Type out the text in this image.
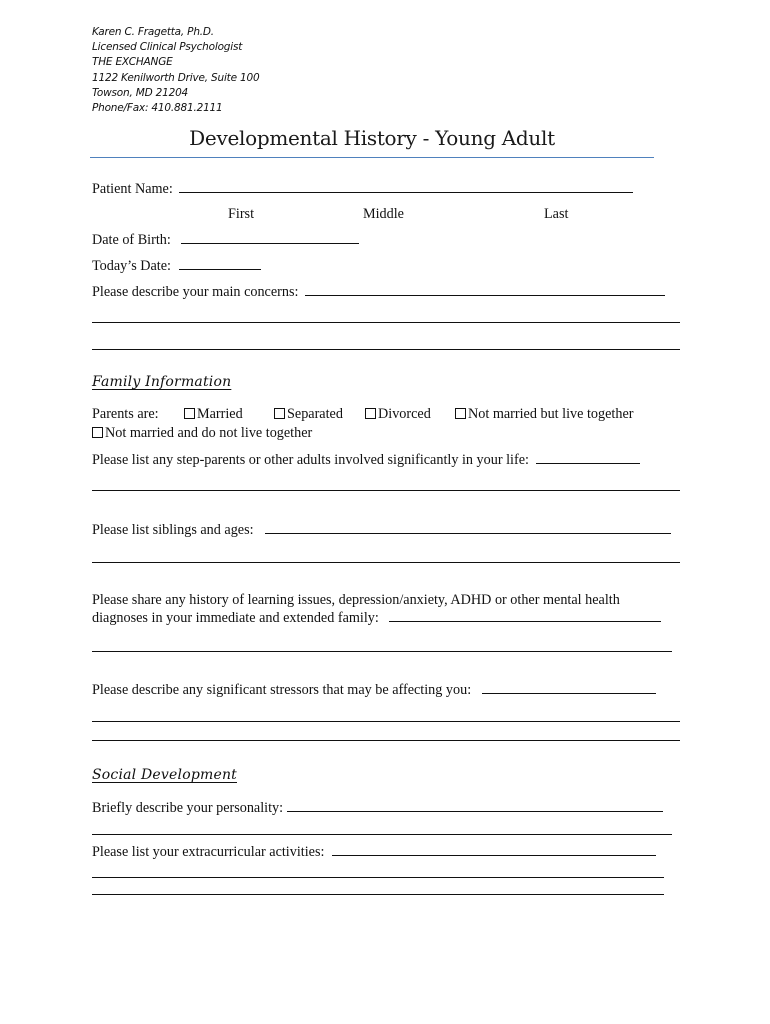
Karen C. Fragetta, Ph.D.
Licensed Clinical Psychologist
THE EXCHANGE
1122 Kenilworth Drive, Suite 100
Towson, MD 21204
Phone/Fax: 410.881.2111
Developmental History - Young Adult
Patient Name:
First	Middle	Last
Date of Birth:
Today’s Date:
Please describe your main concerns:
Family Information
Parents are:	Married	Separated	Divorced	Not married but live together
Not married and do not live together
Please list any step-parents or other adults involved significantly in your life:
Please list siblings and ages:
Please share any history of learning issues, depression/anxiety, ADHD or other mental health
diagnoses in your immediate and extended family:
Please describe any significant stressors that may be affecting you:
Social Development
Briefly describe your personality:
Please list your extracurricular activities:
